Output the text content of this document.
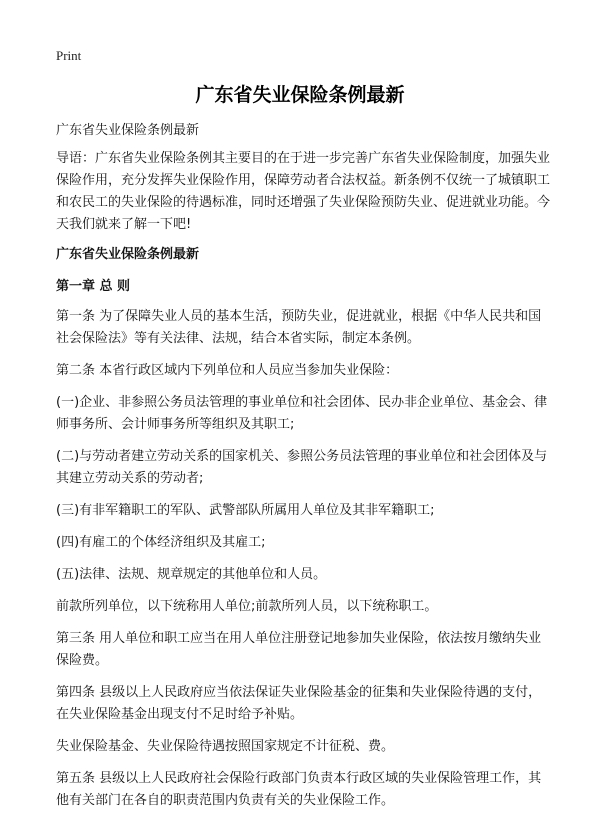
Print
广东省失业保险条例最新

广东省失业保险条例最新

导语：广东省失业保险条例其主要目的在于进一步完善广东省失业保险制度，加强失业保险作用，充分发挥失业保险作用，保障劳动者合法权益。新条例不仅统一了城镇职工和农民工的失业保险的待遇标准，同时还增强了失业保险预防失业、促进就业功能。今天我们就来了解一下吧!

广东省失业保险条例最新

第一章 总 则

第一条 为了保障失业人员的基本生活，预防失业，促进就业，根据《中华人民共和国社会保险法》等有关法律、法规，结合本省实际，制定本条例。

第二条 本省行政区域内下列单位和人员应当参加失业保险：

(一)企业、非参照公务员法管理的事业单位和社会团体、民办非企业单位、基金会、律师事务所、会计师事务所等组织及其职工;

(二)与劳动者建立劳动关系的国家机关、参照公务员法管理的事业单位和社会团体及与其建立劳动关系的劳动者;

(三)有非军籍职工的军队、武警部队所属用人单位及其非军籍职工;

(四)有雇工的个体经济组织及其雇工;

(五)法律、法规、规章规定的其他单位和人员。

前款所列单位，以下统称用人单位;前款所列人员，以下统称职工。

第三条 用人单位和职工应当在用人单位注册登记地参加失业保险，依法按月缴纳失业保险费。

第四条 县级以上人民政府应当依法保证失业保险基金的征集和失业保险待遇的支付，在失业保险基金出现支付不足时给予补贴。

失业保险基金、失业保险待遇按照国家规定不计征税、费。

第五条 县级以上人民政府社会保险行政部门负责本行政区域的失业保险管理工作，其他有关部门在各自的职责范围内负责有关的失业保险工作。
